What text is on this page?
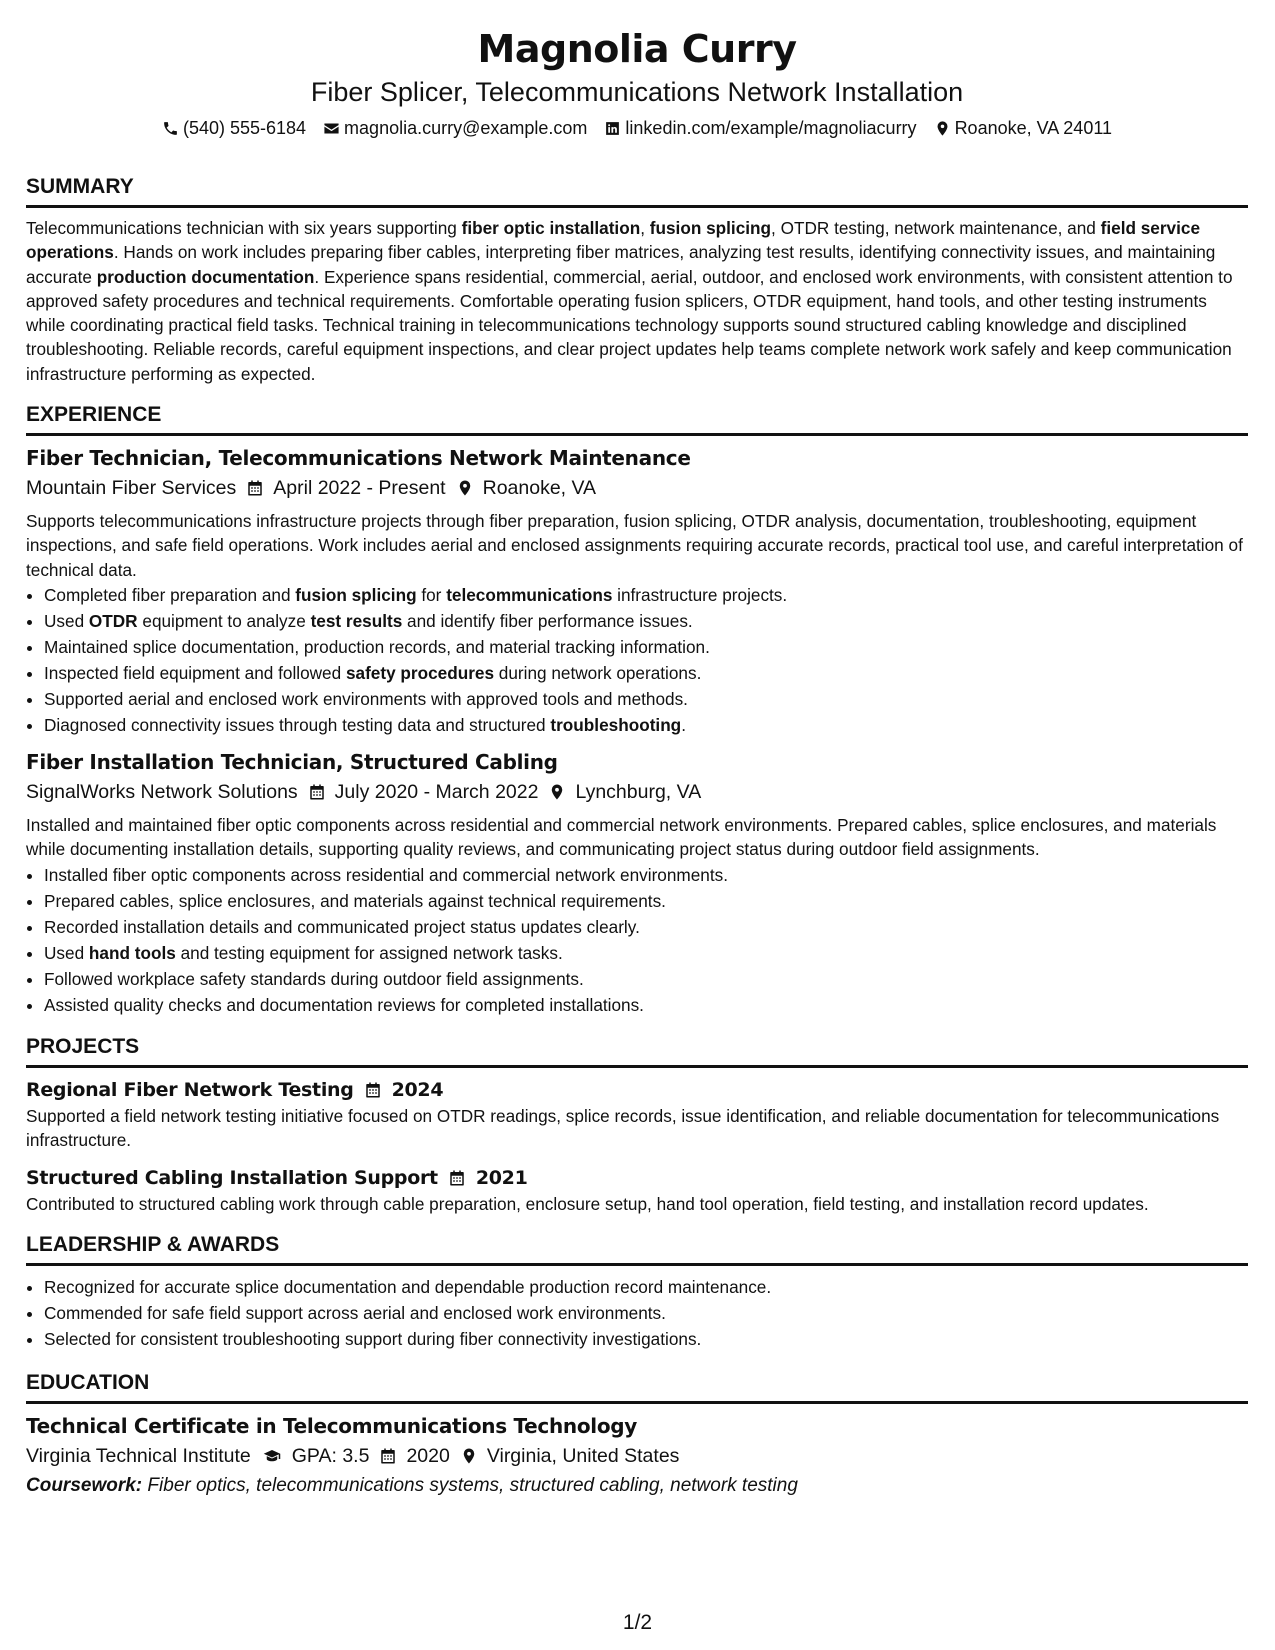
Magnolia Curry
Fiber Splicer, Telecommunications Network Installation
(540) 555-6184 magnolia.curry@example.com linkedin.com/example/magnoliacurry Roanoke, VA 24011
SUMMARY

Telecommunications technician with six years supporting fiber optic installation, fusion splicing, OTDR testing, network maintenance, and field service operations. Hands on work includes preparing fiber cables, interpreting fiber matrices, analyzing test results, identifying connectivity issues, and maintaining accurate production documentation. Experience spans residential, commercial, aerial, outdoor, and enclosed work environments, with consistent attention to approved safety procedures and technical requirements. Comfortable operating fusion splicers, OTDR equipment, hand tools, and other testing instruments while coordinating practical field tasks. Technical training in telecommunications technology supports sound structured cabling knowledge and disciplined troubleshooting. Reliable records, careful equipment inspections, and clear project updates help teams complete network work safely and keep communication infrastructure performing as expected.

EXPERIENCE
Fiber Technician, Telecommunications Network Maintenance
Mountain Fiber Services April 2022 - Present Roanoke, VA

Supports telecommunications infrastructure projects through fiber preparation, fusion splicing, OTDR analysis, documentation, troubleshooting, equipment inspections, and safe field operations. Work includes aerial and enclosed assignments requiring accurate records, practical tool use, and careful interpretation of technical data.

• Completed fiber preparation and fusion splicing for telecommunications infrastructure projects.
• Used OTDR equipment to analyze test results and identify fiber performance issues.
• Maintained splice documentation, production records, and material tracking information.
• Inspected field equipment and followed safety procedures during network operations.
• Supported aerial and enclosed work environments with approved tools and methods.
• Diagnosed connectivity issues through testing data and structured troubleshooting.
Fiber Installation Technician, Structured Cabling
SignalWorks Network Solutions July 2020 - March 2022 Lynchburg, VA

Installed and maintained fiber optic components across residential and commercial network environments. Prepared cables, splice enclosures, and materials while documenting installation details, supporting quality reviews, and communicating project status during outdoor field assignments.

• Installed fiber optic components across residential and commercial network environments.
• Prepared cables, splice enclosures, and materials against technical requirements.
• Recorded installation details and communicated project status updates clearly.
• Used hand tools and testing equipment for assigned network tasks.
• Followed workplace safety standards during outdoor field assignments.
• Assisted quality checks and documentation reviews for completed installations.
PROJECTS
Regional Fiber Network Testing 2024

Supported a field network testing initiative focused on OTDR readings, splice records, issue identification, and reliable documentation for telecommunications infrastructure.

Structured Cabling Installation Support 2021

Contributed to structured cabling work through cable preparation, enclosure setup, hand tool operation, field testing, and installation record updates.

LEADERSHIP & AWARDS
• Recognized for accurate splice documentation and dependable production record maintenance.
• Commended for safe field support across aerial and enclosed work environments.
• Selected for consistent troubleshooting support during fiber connectivity investigations.
EDUCATION
Technical Certificate in Telecommunications Technology
Virginia Technical Institute GPA: 3.5 2020 Virginia, United States
Coursework: Fiber optics, telecommunications systems, structured cabling, network testing
1/2
